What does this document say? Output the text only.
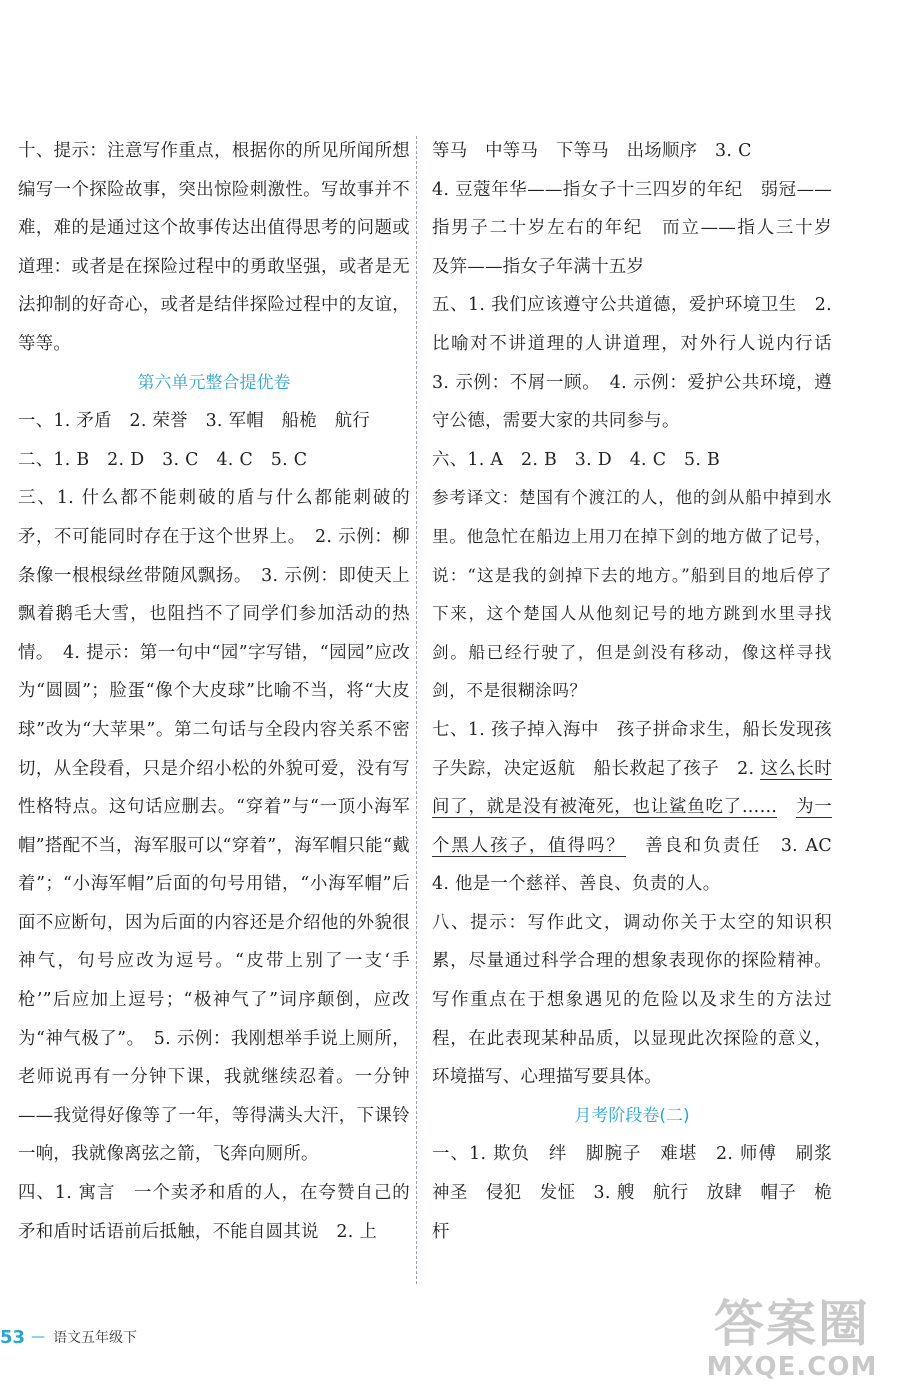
十、提示：注意写作重点，根据你的所见所闻所想编写一个探险故事，突出惊险刺激性。写故事并不难，难的是通过这个故事传达出值得思考的问题或道理：或者是在探险过程中的勇敢坚强，或者是无法抑制的好奇心，或者是结伴探险过程中的友谊，等等。

第六单元整合提优卷

一、1. 矛盾　2. 荣誉　3. 军帽　船桅　航行

二、1. B　2. D　3. C　4. C　5. C

三、1. 什么都不能刺破的盾与什么都能刺破的矛，不可能同时存在于这个世界上。　2. 示例：柳条像一根根绿丝带随风飘扬。　3. 示例：即使天上飘着鹅毛大雪，也阻挡不了同学们参加活动的热情。　4. 提示：第一句中“园”字写错，“园园”应改为“圆圆”；脸蛋“像个大皮球”比喻不当，将“大皮球”改为“大苹果”。第二句话与全段内容关系不密切，从全段看，只是介绍小松的外貌可爱，没有写性格特点。这句话应删去。“穿着”与“一顶小海军帽”搭配不当，海军服可以“穿着”，海军帽只能“戴着”；“小海军帽”后面的句号用错，“小海军帽”后面不应断句，因为后面的内容还是介绍他的外貌很神气，句号应改为逗号。“皮带上别了一支‘手枪’”后应加上逗号；“极神气了”词序颠倒，应改为“神气极了”。　5. 示例：我刚想举手说上厕所，老师说再有一分钟下课，我就继续忍着。一分钟——我觉得好像等了一年，等得满头大汗，下课铃一响，我就像离弦之箭，飞奔向厕所。

四、1. 寓言　一个卖矛和盾的人，在夸赞自己的矛和盾时话语前后抵触，不能自圆其说　2. 上

等马　中等马　下等马　出场顺序　3. C

4. 豆蔻年华——指女子十三四岁的年纪　弱冠——指男子二十岁左右的年纪　而立——指人三十岁　及笄——指女子年满十五岁

五、1. 我们应该遵守公共道德，爱护环境卫生　2. 比喻对不讲道理的人讲道理，对外行人说内行话　3. 示例：不屑一顾。　4. 示例：爱护公共环境，遵守公德，需要大家的共同参与。

六、1. A　2. B　3. D　4. C　5. B

参考译文：楚国有个渡江的人，他的剑从船中掉到水里。他急忙在船边上用刀在掉下剑的地方做了记号，说：“这是我的剑掉下去的地方。”船到目的地后停了下来，这个楚国人从他刻记号的地方跳到水里寻找剑。船已经行驶了，但是剑没有移动，像这样寻找剑，不是很糊涂吗？

七、1. 孩子掉入海中　孩子拼命求生，船长发现孩子失踪，决定返航　船长救起了孩子　2. 这么长时间了，就是没有被淹死，也让鲨鱼吃了……　 为一个黑人孩子，值得吗？　善良和负责任　3. AC　4. 他是一个慈祥、善良、负责的人。

八、提示：写作此文，调动你关于太空的知识积累，尽量通过科学合理的想象表现你的探险精神。写作重点在于想象遇见的危险以及求生的方法过程，在此表现某种品质，以显现此次探险的意义，环境描写、心理描写要具体。

月考阶段卷(二)

一、1. 欺负　绊　脚腕子　难堪　2. 师傅　刷浆　神圣　侵犯　发怔　3. 艘　航行　放肆　帽子　桅杆

53 — 语文五年级下	答案圈
MXQE.COM
